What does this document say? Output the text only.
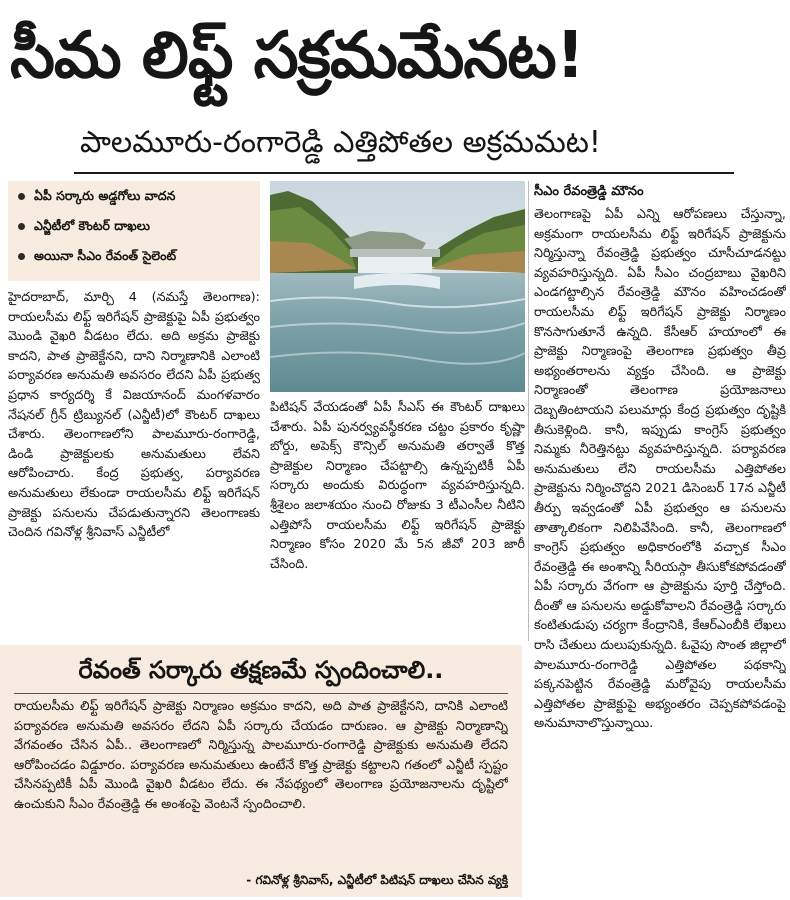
సీమ లిఫ్ట్ సక్రమమేనట!
పాలమూరు-రంగారెడ్డి ఎత్తిపోతల అక్రమమట!
ఏపీ సర్కారు అడ్డగోలు వాదన
ఎన్జీటీలో కౌంటర్ దాఖలు
అయినా సీఎం రేవంత్ సైలెంట్
హైదరాబాద్, మార్చి 4 (నమస్తే తెలంగాణ): రాయలసీమ లిఫ్ట్ ఇరిగేషన్ ప్రాజెక్టుపై ఏపీ ప్రభుత్వం మొండి వైఖరి వీడటం లేదు. అది అక్రమ ప్రాజెక్టు కాదని, పాత ప్రాజెక్టేనని, దాని నిర్మాణానికి ఎలాంటి పర్యావరణ అనుమతి అవసరం లేదని ఏపీ ప్రభుత్వ ప్రధాన కార్యదర్శి కే విజయానంద్ మంగళవారం నేషనల్ గ్రీన్ ట్రిబ్యునల్ (ఎన్జీటీ)లో కౌంటర్ దాఖలు చేశారు. తెలంగాణలోని పాలమూరు-రంగారెడ్డి, డిండి ప్రాజెక్టులకు అనుమతులు లేవని ఆరోపించారు. కేంద్ర ప్రభుత్వ, పర్యావరణ అనుమతులు లేకుండా రాయలసీమ లిఫ్ట్ ఇరిగేషన్ ప్రాజెక్టు పనులను చేపడుతున్నారని తెలంగాణకు చెందిన గవినోళ్ల శ్రీనివాస్ ఎన్జీటీలో
పిటిషన్ వేయడంతో ఏపీ సీఎస్ ఈ కౌంటర్ దాఖలు చేశారు. ఏపీ పునర్వ్యవస్థీకరణ చట్టం ప్రకారం కృష్ణా బోర్డు, అపెక్స్ కౌన్సిల్ అనుమతి తర్వాతే కొత్త ప్రాజెక్టుల నిర్మాణం చేపట్టాల్సి ఉన్నప్పటికీ ఏపీ సర్కారు అందుకు విరుద్ధంగా వ్యవహరిస్తున్నది. శ్రీశైలం జలాశయం నుంచి రోజుకు 3 టీఎంసీల నీటిని ఎత్తిపోసే రాయలసీమ లిఫ్ట్ ఇరిగేషన్ ప్రాజెక్టు నిర్మాణం కోసం 2020 మే 5న జీవో 203 జారీ చేసింది.
సీఎం రేవంత్రెడ్డి మౌనం
తెలంగాణపై ఏపీ ఎన్ని ఆరోపణలు చేస్తున్నా, అక్రమంగా రాయలసీమ లిఫ్ట్ ఇరిగేషన్ ప్రాజెక్టును నిర్మిస్తున్నా రేవంత్రెడ్డి ప్రభుత్వం చూసీచూడనట్టు వ్యవహరిస్తున్నది. ఏపీ సీఎం చంద్రబాబు వైఖరిని ఎండగట్టాల్సిన రేవంత్రెడ్డి మౌనం వహించడంతో రాయలసీమ లిఫ్ట్ ఇరిగేషన్ ప్రాజెక్టు నిర్మాణం కొనసాగుతూనే ఉన్నది. కేసీఆర్ హయాంలో ఈ ప్రాజెక్టు నిర్మాణంపై తెలంగాణ ప్రభుత్వం తీవ్ర అభ్యంతరాలను వ్యక్తం చేసింది. ఆ ప్రాజెక్టు నిర్మాణంతో తెలంగాణ ప్రయోజనాలు దెబ్బతింటాయని పలుమార్లు కేంద్ర ప్రభుత్వం దృష్టికి తీసుకెళ్లింది. కానీ, ఇప్పుడు కాంగ్రెస్ ప్రభుత్వం నిమ్మకు నీరెత్తినట్టు వ్యవహరిస్తున్నది. పర్యావరణ అనుమతులు లేని రాయలసీమ ఎత్తిపోతల ప్రాజెక్టును నిర్మించొద్దని 2021 డిసెంబర్ 17న ఎన్జీటీ తీర్పు ఇవ్వడంతో ఏపీ ప్రభుత్వం ఆ పనులను తాత్కాలికంగా నిలిపివేసింది. కానీ, తెలంగాణలో కాంగ్రెస్ ప్రభుత్వం అధికారంలోకి వచ్చాక సీఎం రేవంత్రెడ్డి ఈ అంశాన్ని సీరియస్గా తీసుకోకపోవడంతో ఏపీ సర్కారు వేగంగా ఆ ప్రాజెక్టును పూర్తి చేస్తోంది. దీంతో ఆ పనులను అడ్డుకోవాలని రేవంత్రెడ్డి సర్కారు కంటితుడుపు చర్యగా కేంద్రానికి, కేఆర్ఎంబీకి లేఖలు రాసి చేతులు దులుపుకున్నది. ఓవైపు సొంత జిల్లాలో పాలమూరు-రంగారెడ్డి ఎత్తిపోతల పథకాన్ని పక్కనపెట్టిన రేవంత్రెడ్డి మరోవైపు రాయలసీమ ఎత్తిపోతల ప్రాజెక్టుపై అభ్యంతరం చెప్పకపోవడంపై అనుమానాలొస్తున్నాయి.
రేవంత్ సర్కారు తక్షణమే స్పందించాలి..
రాయలసీమ లిఫ్ట్ ఇరిగేషన్ ప్రాజెక్టు నిర్మాణం అక్రమం కాదని, అది పాత ప్రాజెక్టేనని, దానికి ఎలాంటి పర్యావరణ అనుమతి అవసరం లేదని ఏపీ సర్కారు చేయడం దారుణం. ఆ ప్రాజెక్టు నిర్మాణాన్ని వేగవంతం చేసిన ఏపీ.. తెలంగాణలో నిర్మిస్తున్న పాలమూరు-రంగారెడ్డి ప్రాజెక్టుకు అనుమతి లేదని ఆరోపించడం విడ్డూరం. పర్యావరణ అనుమతులు ఉంటేనే కొత్త ప్రాజెక్టు కట్టాలని గతంలో ఎన్జీటీ స్పష్టం చేసినప్పటికీ ఏపీ మొండి వైఖరి వీడటం లేదు. ఈ నేపథ్యంలో తెలంగాణ ప్రయోజనాలను దృష్టిలో ఉంచుకుని సీఎం రేవంత్రెడ్డి ఈ అంశంపై వెంటనే స్పందించాలి.
- గవినోళ్ల శ్రీనివాస్, ఎన్జీటీలో పిటిషన్ దాఖలు చేసిన వ్యక్తి
